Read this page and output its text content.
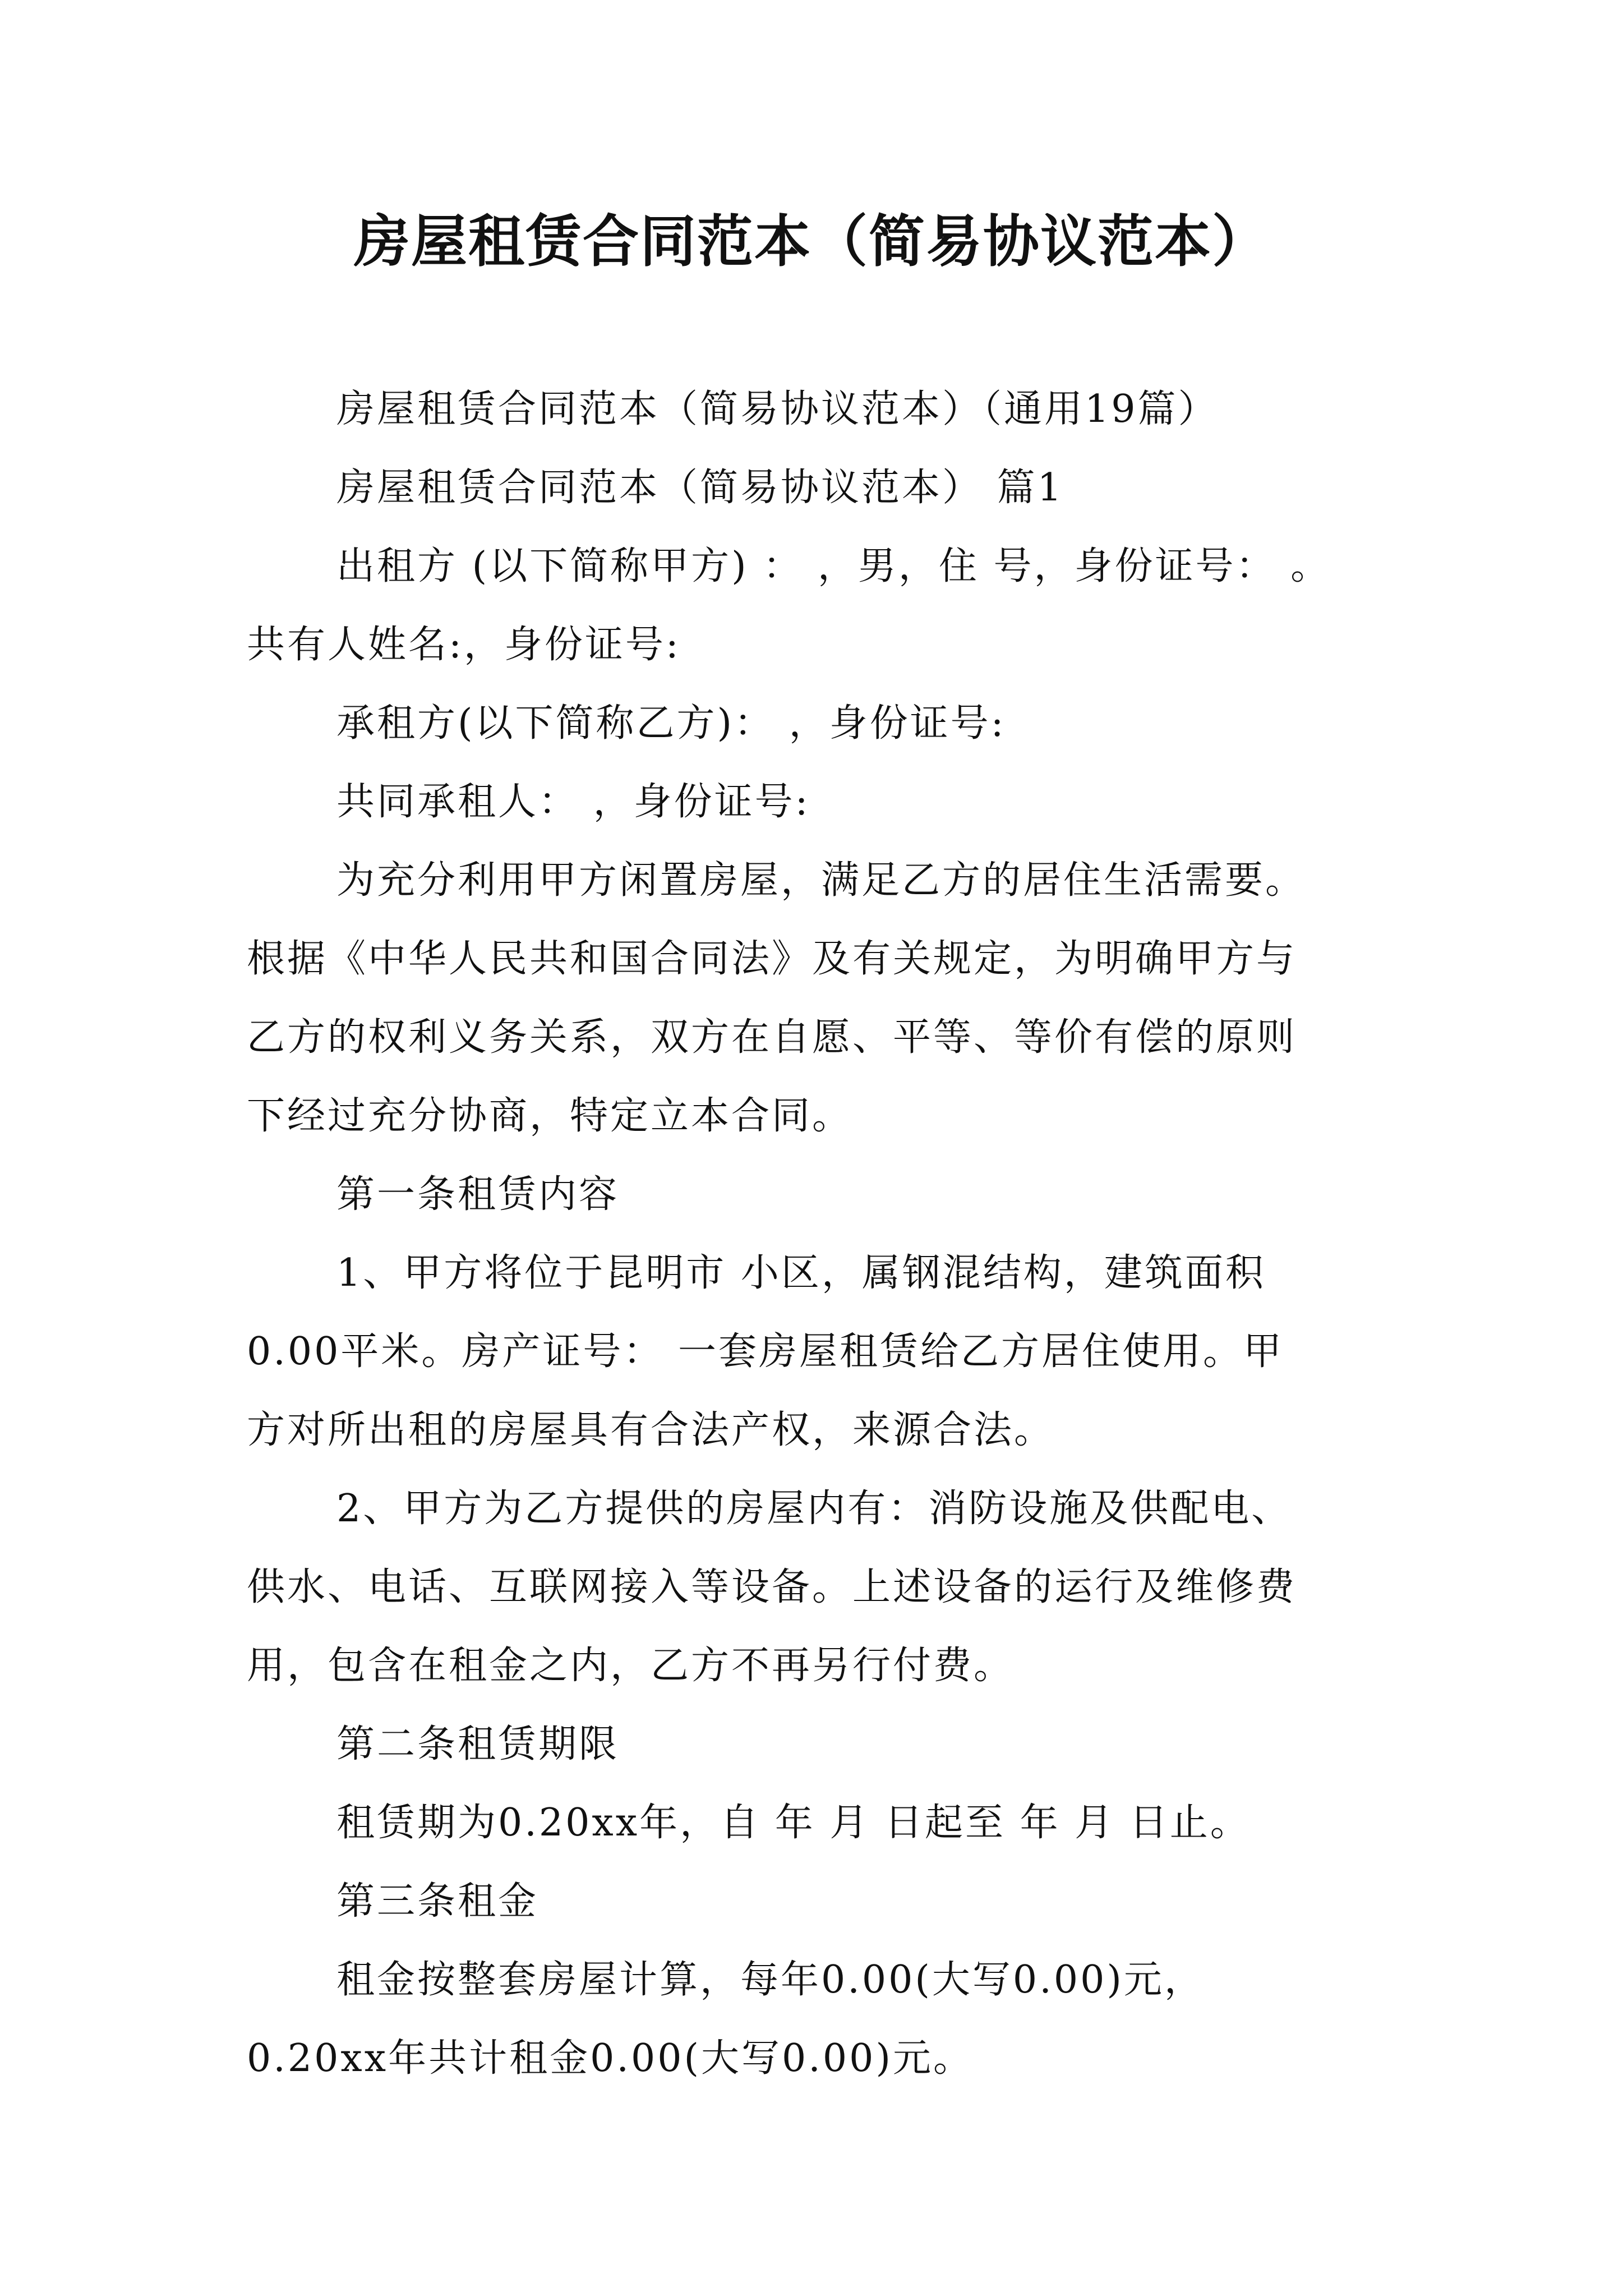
房屋租赁合同范本（简易协议范本）
房屋租赁合同范本（简易协议范本）（通用19篇）
房屋租赁合同范本（简易协议范本） 篇1
出租方 (以下简称甲方) ： ，男，住 号，身份证号： 。
共有人姓名:，身份证号:
承租方(以下简称乙方)： ，身份证号:
共同承租人： ，身份证号:
为充分利用甲方闲置房屋，满足乙方的居住生活需要。
根据《中华人民共和国合同法》及有关规定，为明确甲方与
乙方的权利义务关系，双方在自愿、平等、等价有偿的原则
下经过充分协商，特定立本合同。
第一条租赁内容
1、甲方将位于昆明市 小区，属钢混结构，建筑面积
0.00平米。房产证号： 一套房屋租赁给乙方居住使用。甲
方对所出租的房屋具有合法产权，来源合法。
2、甲方为乙方提供的房屋内有：消防设施及供配电、
供水、电话、互联网接入等设备。上述设备的运行及维修费
用，包含在租金之内，乙方不再另行付费。
第二条租赁期限
租赁期为0.20xx年，自 年 月 日起至 年 月 日止。
第三条租金
租金按整套房屋计算，每年0.00(大写0.00)元，
0.20xx年共计租金0.00(大写0.00)元。
